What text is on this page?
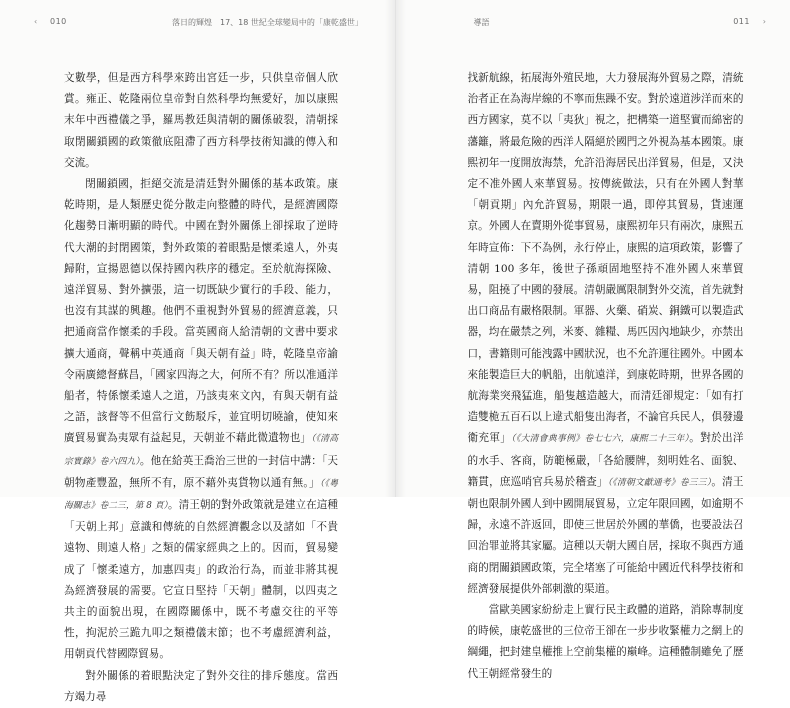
‹ 010	落日的輝煌　17、18 世紀全球變局中的「康乾盛世」

文數學，但是西方科學來跨出宮廷一步，只供皇帝個人欣賞。雍正、乾隆兩位皇帝對自然科學均無愛好，加以康熙末年中西禮儀之爭，羅馬教廷與清朝的關係破裂，清朝採取閉關鎖國的政策徹底阻滯了西方科學技術知識的傳入和交流。

閉關鎖國，拒絕交流是清廷對外關係的基本政策。康乾時期，是人類歷史從分散走向整體的時代，是經濟國際化趨勢日漸明顯的時代。中國在對外關係上卻採取了逆時代大潮的封閉國策，對外政策的着眼點是懷柔遠人，外夷歸附，宣揚恩德以保持國內秩序的穩定。至於航海探險、遠洋貿易、對外擴張，這一切既缺少實行的手段、能力，也沒有其謀的興趣。他們不重視對外貿易的經濟意義，只把通商當作懷柔的手段。當英國商人給清朝的文書中要求擴大通商，聲稱中英通商「與天朝有益」時，乾隆皇帝諭令兩廣總督蘇昌，「國家四海之大，何所不有？所以准通洋船者，特係懷柔遠人之道，乃該夷來文內，有與天朝有益之語，該督等不但當行文飭駁斥，並宜明切曉諭，使知來廣貿易實為夷眾有益起見，天朝並不藉此微遺物也」（《清高宗實錄》卷六四九）。他在給英王喬治三世的一封信中講：「天朝物產豐盈，無所不有，原不藉外夷貨物以通有無。」（《粵海關志》卷二三，第 8 頁）。清王朝的對外政策就是建立在這種「天朝上邦」意識和傳統的自然經濟觀念以及諸如「不貴遠物、則遠人格」之類的儒家經典之上的。因而，貿易變成了「懷柔遠方，加惠四夷」的政治行為，而並非將其視為經濟發展的需要。它宣日堅持「天朝」體制，以四夷之共主的面貌出現，在國際關係中，既不考慮交往的平等性，拘泥於三跪九叩之類禮儀末節；也不考慮經濟利益，用朝貢代替國際貿易。

對外關係的着眼點決定了對外交往的排斥態度。當西方竭力尋

導語	011 ›

找新航線，拓展海外殖民地，大力發展海外貿易之際，清統治者正在為海岸線的不寧而焦躁不安。對於遠道涉洋而來的西方國家，莫不以「夷狄」視之，把構築一道堅實而綿密的藩籬，將最危險的西洋人隔絕於國門之外視為基本國策。康熙初年一度開放海禁，允許沿海居民出洋貿易，但是，又決定不准外國人來華貿易。按傳統做法，只有在外國人對華「朝貢期」內允許貿易，期限一過，即停其貿易，貨速運京。外國人在賣期外從事貿易，康熙初年只有兩次，康熙五年時宣佈：下不為例，永行停止，康熙的這項政策，影響了清朝 100 多年，後世子孫頑固地堅持不准外國人來華貿易，阻撓了中國的發展。清朝嚴厲限制對外交流，首先就對出口商品有嚴格限制。軍器、火藥、硝炭、銅鐵可以製造武器，均在嚴禁之列，米麥、雜糧、馬匹因內地缺少，亦禁出口，書籍則可能洩露中國狀況，也不允許運往國外。中國本來能製造巨大的帆船，出航遠洋，到康乾時期，世界各國的航海業突飛猛進，船隻越造越大，而清廷卻規定：「如有打造雙桅五百石以上違式船隻出海者，不論官兵民人，俱發邊衛充軍」（《大清會典事例》卷七七六，康熙二十三年）。對於出洋的水手、客商，防範極嚴，「各給腰牌，刻明姓名、面貌、籍貫，庶巡哨官兵易於稽查」（《清朝文獻通考》卷三三）。清王朝也限制外國人到中國開展貿易，立定年限回國，如逾期不歸，永遠不許返回，即使三世居於外國的華僑，也要設法召回治罪並將其家屬。這種以天朝大國自居，採取不與西方通商的閉關鎖國政策，完全堵塞了可能給中國近代科學技術和經濟發展提供外部刺激的渠道。

當歐美國家紛紛走上實行民主政體的道路，消除專制度的時候，康乾盛世的三位帝王卻在一步步收緊權力之網上的綱繩，把封建皇權推上空前集權的巔峰。這種體制雖免了歷代王朝經常發生的
